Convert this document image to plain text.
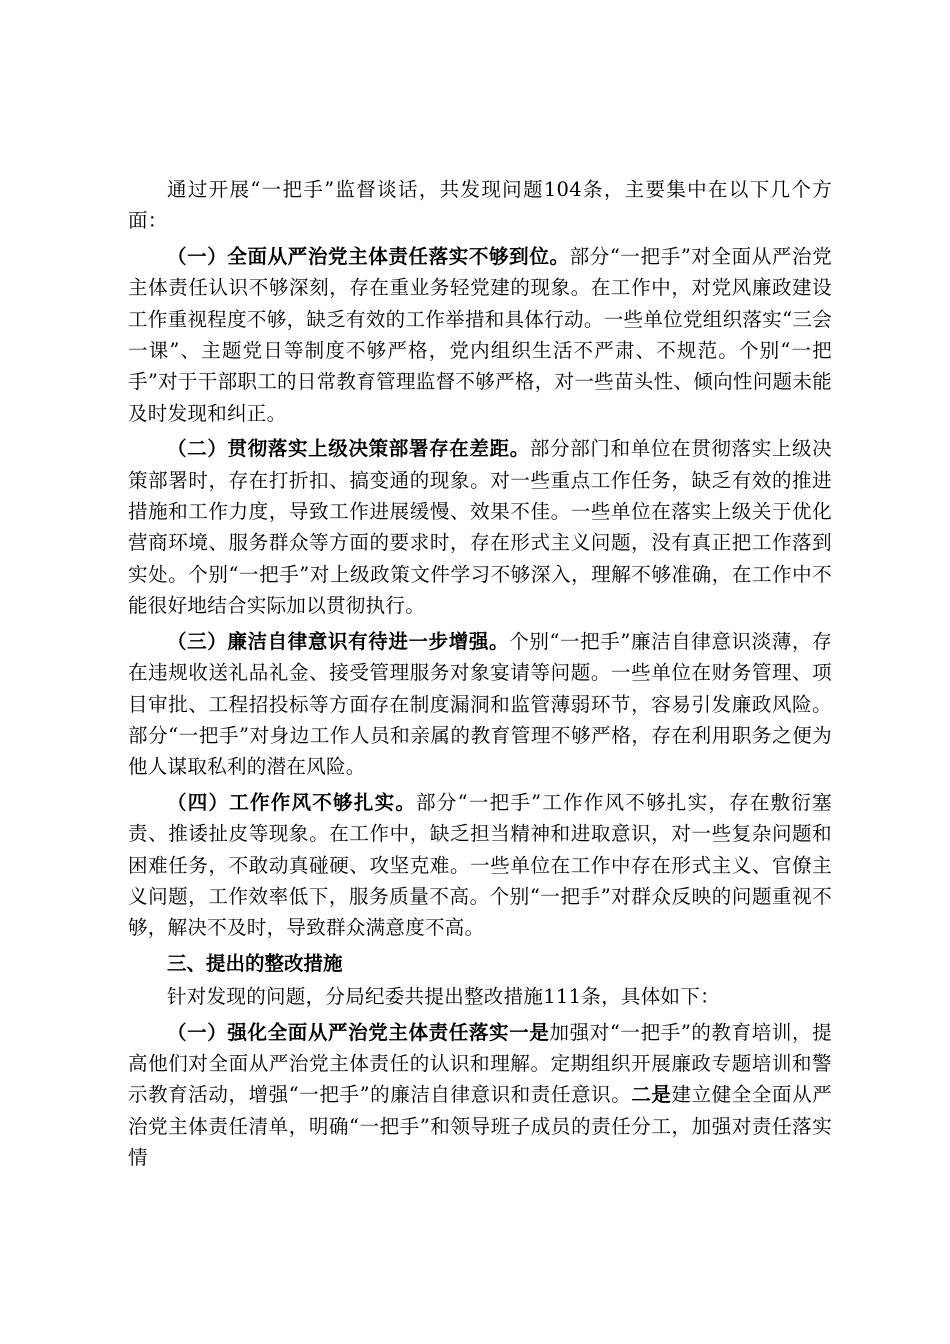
通过开展“一把手”监督谈话，共发现问题104条，主要集中在以下几个方面：

（一）全面从严治党主体责任落实不够到位。部分“一把手”对全面从严治党主体责任认识不够深刻，存在重业务轻党建的现象。在工作中，对党风廉政建设工作重视程度不够，缺乏有效的工作举措和具体行动。一些单位党组织落实“三会一课”、主题党日等制度不够严格，党内组织生活不严肃、不规范。个别“一把手”对于干部职工的日常教育管理监督不够严格，对一些苗头性、倾向性问题未能及时发现和纠正。

（二）贯彻落实上级决策部署存在差距。部分部门和单位在贯彻落实上级决策部署时，存在打折扣、搞变通的现象。对一些重点工作任务，缺乏有效的推进措施和工作力度，导致工作进展缓慢、效果不佳。一些单位在落实上级关于优化营商环境、服务群众等方面的要求时，存在形式主义问题，没有真正把工作落到实处。个别“一把手”对上级政策文件学习不够深入，理解不够准确，在工作中不能很好地结合实际加以贯彻执行。

（三）廉洁自律意识有待进一步增强。个别“一把手”廉洁自律意识淡薄，存在违规收送礼品礼金、接受管理服务对象宴请等问题。一些单位在财务管理、项目审批、工程招投标等方面存在制度漏洞和监管薄弱环节，容易引发廉政风险。部分“一把手”对身边工作人员和亲属的教育管理不够严格，存在利用职务之便为他人谋取私利的潜在风险。

（四）工作作风不够扎实。部分“一把手”工作作风不够扎实，存在敷衍塞责、推诿扯皮等现象。在工作中，缺乏担当精神和进取意识，对一些复杂问题和困难任务，不敢动真碰硬、攻坚克难。一些单位在工作中存在形式主义、官僚主义问题，工作效率低下，服务质量不高。个别“一把手”对群众反映的问题重视不够，解决不及时，导致群众满意度不高。

三、提出的整改措施

针对发现的问题，分局纪委共提出整改措施111条，具体如下：

（一）强化全面从严治党主体责任落实一是加强对“一把手”的教育培训，提高他们对全面从严治党主体责任的认识和理解。定期组织开展廉政专题培训和警示教育活动，增强“一把手”的廉洁自律意识和责任意识。二是建立健全全面从严治党主体责任清单，明确“一把手”和领导班子成员的责任分工，加强对责任落实情
